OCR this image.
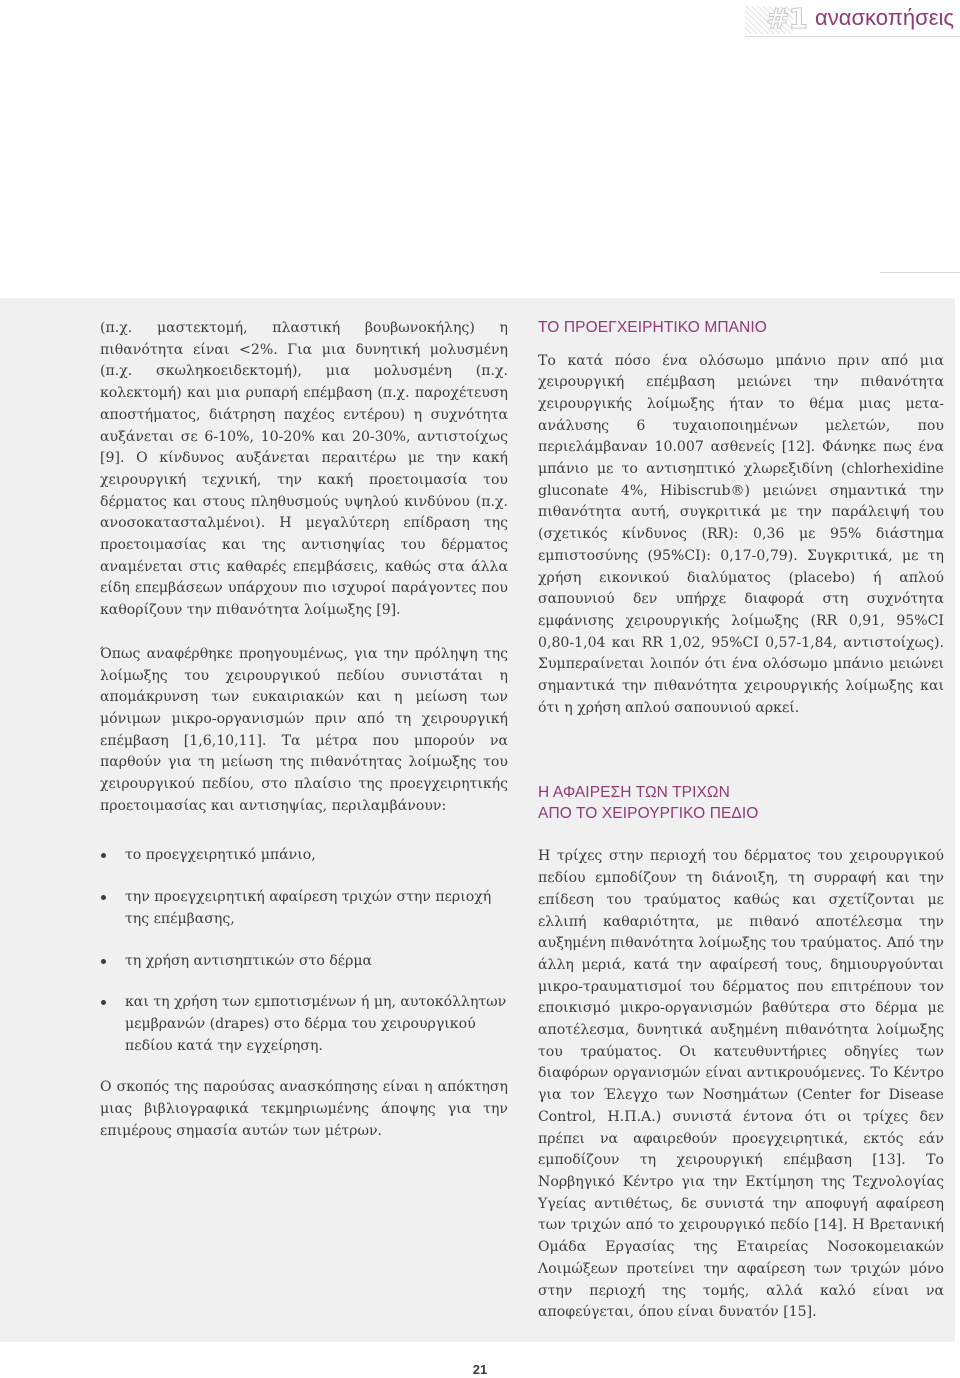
#1 ανασκοπήσεις

(π.χ. μαστεκτομή, πλαστική βουβωνοκήλης) η πιθανότητα είναι <2%. Για μια δυνητική μολυσμένη (π.χ. σκωληκοειδεκτομή), μια μολυσμένη (π.χ. κολεκτομή) και μια ρυπαρή επέμβαση (π.χ. παροχέτευση αποστήματος, διάτρηση παχέος εντέρου) η συχνότητα αυξάνεται σε 6-10%, 10-20% και 20-30%, αντιστοίχως [9]. Ο κίνδυνος αυξάνεται περαιτέρω με την κακή χειρουργική τεχνική, την κακή προετοιμασία του δέρματος και στους πληθυσμούς υψηλού κινδύνου (π.χ. ανοσοκατασταλμένοι). Η μεγαλύτερη επίδραση της προετοιμασίας και της αντισηψίας του δέρματος αναμένεται στις καθαρές επεμβάσεις, καθώς στα άλλα είδη επεμβάσεων υπάρχουν πιο ισχυροί παράγοντες που καθορίζουν την πιθανότητα λοίμωξης [9].

Όπως αναφέρθηκε προηγουμένως, για την πρόληψη της λοίμωξης του χειρουργικού πεδίου συνιστάται η απομάκρυνση των ευκαιριακών και η μείωση των μόνιμων μικρο-οργανισμών πριν από τη χειρουργική επέμβαση [1,6,10,11]. Τα μέτρα που μπορούν να παρθούν για τη μείωση της πιθανότητας λοίμωξης του χειρουργικού πεδίου, στο πλαίσιο της προεγχειρητικής προετοιμασίας και αντισηψίας, περιλαμβάνουν:

το προεγχειρητικό μπάνιο,
την προεγχειρητική αφαίρεση τριχών στην περιοχή της επέμβασης,
τη χρήση αντισηπτικών στο δέρμα
και τη χρήση των εμποτισμένων ή μη, αυτοκόλλητων μεμβρανών (drapes) στο δέρμα του χειρουργικού πεδίου κατά την εγχείρηση.

Ο σκοπός της παρούσας ανασκόπησης είναι η απόκτηση μιας βιβλιογραφικά τεκμηριωμένης άποψης για την επιμέρους σημασία αυτών των μέτρων.

ΤΟ ΠΡΟΕΓΧΕΙΡΗΤΙΚΟ ΜΠΑΝΙΟ

Το κατά πόσο ένα ολόσωμο μπάνιο πριν από μια χειρουργική επέμβαση μειώνει την πιθανότητα χειρουργικής λοίμωξης ήταν το θέμα μιας μετα-ανάλυσης 6 τυχαιοποιημένων μελετών, που περιελάμβαναν 10.007 ασθενείς [12]. Φάνηκε πως ένα μπάνιο με το αντισηπτικό χλωρεξιδίνη (chlorhexidine gluconate 4%, Hibiscrub®) μειώνει σημαντικά την πιθανότητα αυτή, συγκριτικά με την παράλειψή του (σχετικός κίνδυνος (RR): 0,36 με 95% διάστημα εμπιστοσύνης (95%CI): 0,17-0,79). Συγκριτικά, με τη χρήση εικονικού διαλύματος (placebo) ή απλού σαπουνιού δεν υπήρχε διαφορά στη συχνότητα εμφάνισης χειρουργικής λοίμωξης (RR 0,91, 95%CI 0,80-1,04 και RR 1,02, 95%CI 0,57-1,84, αντιστοίχως). Συμπεραίνεται λοιπόν ότι ένα ολόσωμο μπάνιο μειώνει σημαντικά την πιθανότητα χειρουργικής λοίμωξης και ότι η χρήση απλού σαπουνιού αρκεί.

Η ΑΦΑΙΡΕΣΗ ΤΩΝ ΤΡΙΧΩΝ
ΑΠΟ ΤΟ ΧΕΙΡΟΥΡΓΙΚΟ ΠΕΔΙΟ

Η τρίχες στην περιοχή του δέρματος του χειρουργικού πεδίου εμποδίζουν τη διάνοιξη, τη συρραφή και την επίδεση του τραύματος καθώς και σχετίζονται με ελλιπή καθαριότητα, με πιθανό αποτέλεσμα την αυξημένη πιθανότητα λοίμωξης του τραύματος. Από την άλλη μεριά, κατά την αφαίρεσή τους, δημιουργούνται μικρο-τραυματισμοί του δέρματος που επιτρέπουν τον εποικισμό μικρο-οργανισμών βαθύτερα στο δέρμα με αποτέλεσμα, δυνητικά αυξημένη πιθανότητα λοίμωξης του τραύματος. Οι κατευθυντήριες οδηγίες των διαφόρων οργανισμών είναι αντικρουόμενες. Το Κέντρο για τον Έλεγχο των Νοσημάτων (Center for Disease Control, Η.Π.Α.) συνιστά έντονα ότι οι τρίχες δεν πρέπει να αφαιρεθούν προεγχειρητικά, εκτός εάν εμποδίζουν τη χειρουργική επέμβαση [13]. Το Νορβηγικό Κέντρο για την Εκτίμηση της Τεχνολογίας Υγείας αντιθέτως, δε συνιστά την αποφυγή αφαίρεση των τριχών από το χειρουργικό πεδίο [14]. Η Βρετανική Ομάδα Εργασίας της Εταιρείας Νοσοκομειακών Λοιμώξεων προτείνει την αφαίρεση των τριχών μόνο στην περιοχή της τομής, αλλά καλό είναι να αποφεύγεται, όπου είναι δυνατόν [15].

21
